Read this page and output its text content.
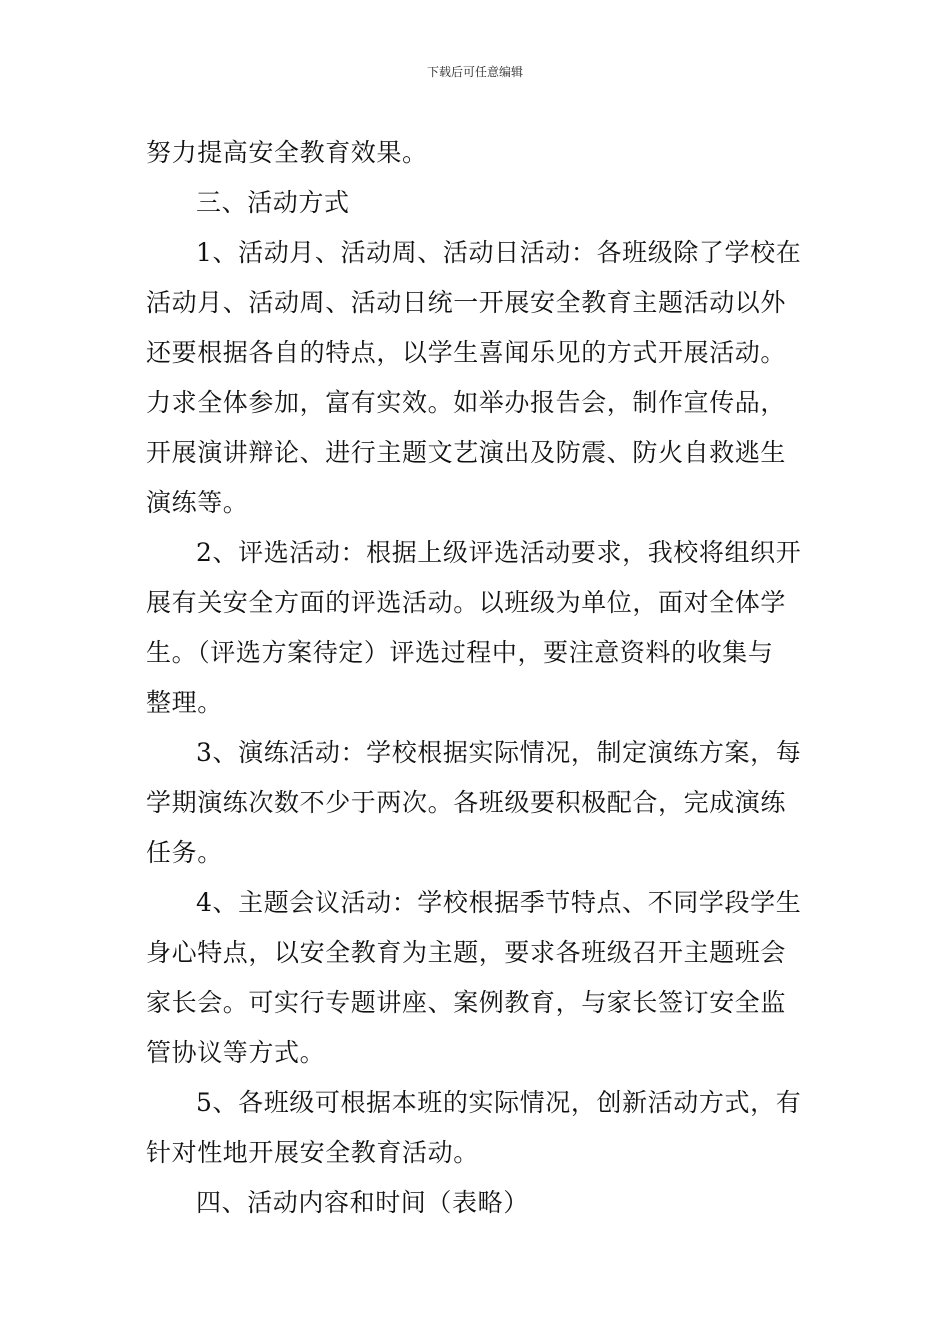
下载后可任意编辑
努力提高安全教育效果。
三、活动方式
1、活动月、活动周、活动日活动：各班级除了学校在
活动月、活动周、活动日统一开展安全教育主题活动以外
还要根据各自的特点，以学生喜闻乐见的方式开展活动。
力求全体参加，富有实效。如举办报告会，制作宣传品，
开展演讲辩论、进行主题文艺演出及防震、防火自救逃生
演练等。
2、评选活动：根据上级评选活动要求，我校将组织开
展有关安全方面的评选活动。以班级为单位，面对全体学
生。（评选方案待定）评选过程中，要注意资料的收集与
整理。
3、演练活动：学校根据实际情况，制定演练方案，每
学期演练次数不少于两次。各班级要积极配合，完成演练
任务。
4、主题会议活动：学校根据季节特点、不同学段学生
身心特点，以安全教育为主题，要求各班级召开主题班会
家长会。可实行专题讲座、案例教育，与家长签订安全监
管协议等方式。
5、各班级可根据本班的实际情况，创新活动方式，有
针对性地开展安全教育活动。
四、活动内容和时间（表略）
